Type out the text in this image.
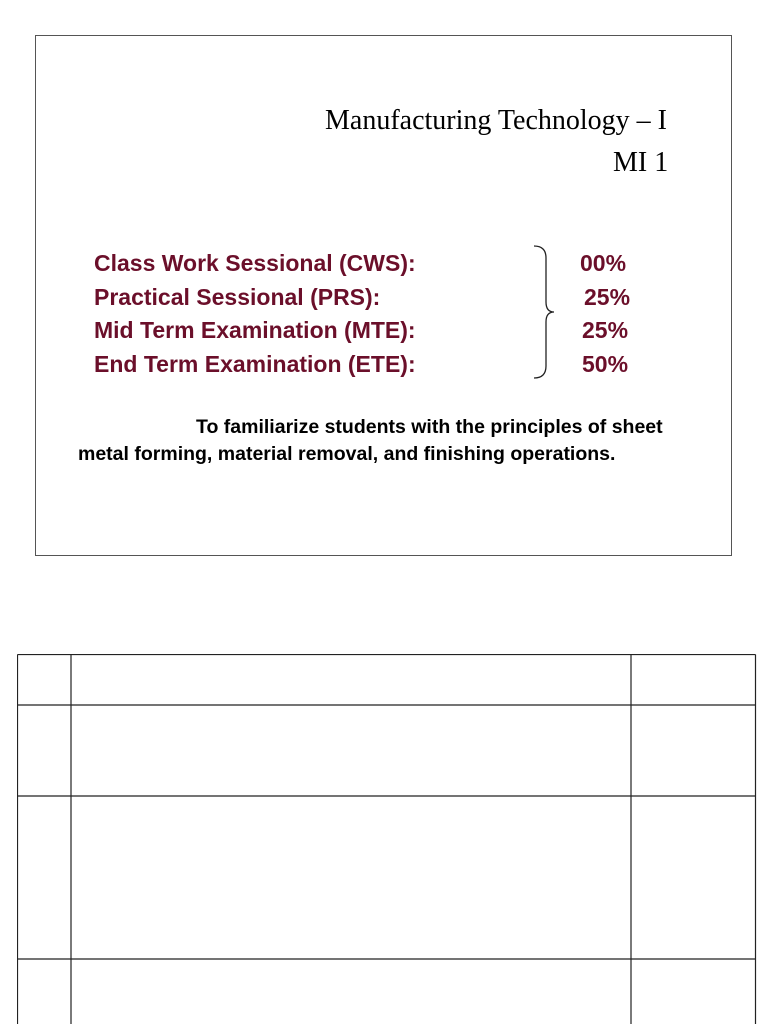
Manufacturing Technology – I
MI 1
Class Work Sessional (CWS):	00%
Practical Sessional (PRS):	25%
Mid Term Examination (MTE):	25%
End Term Examination (ETE):	50%
To familiarize students with the principles of sheet metal forming, material removal, and finishing operations.
